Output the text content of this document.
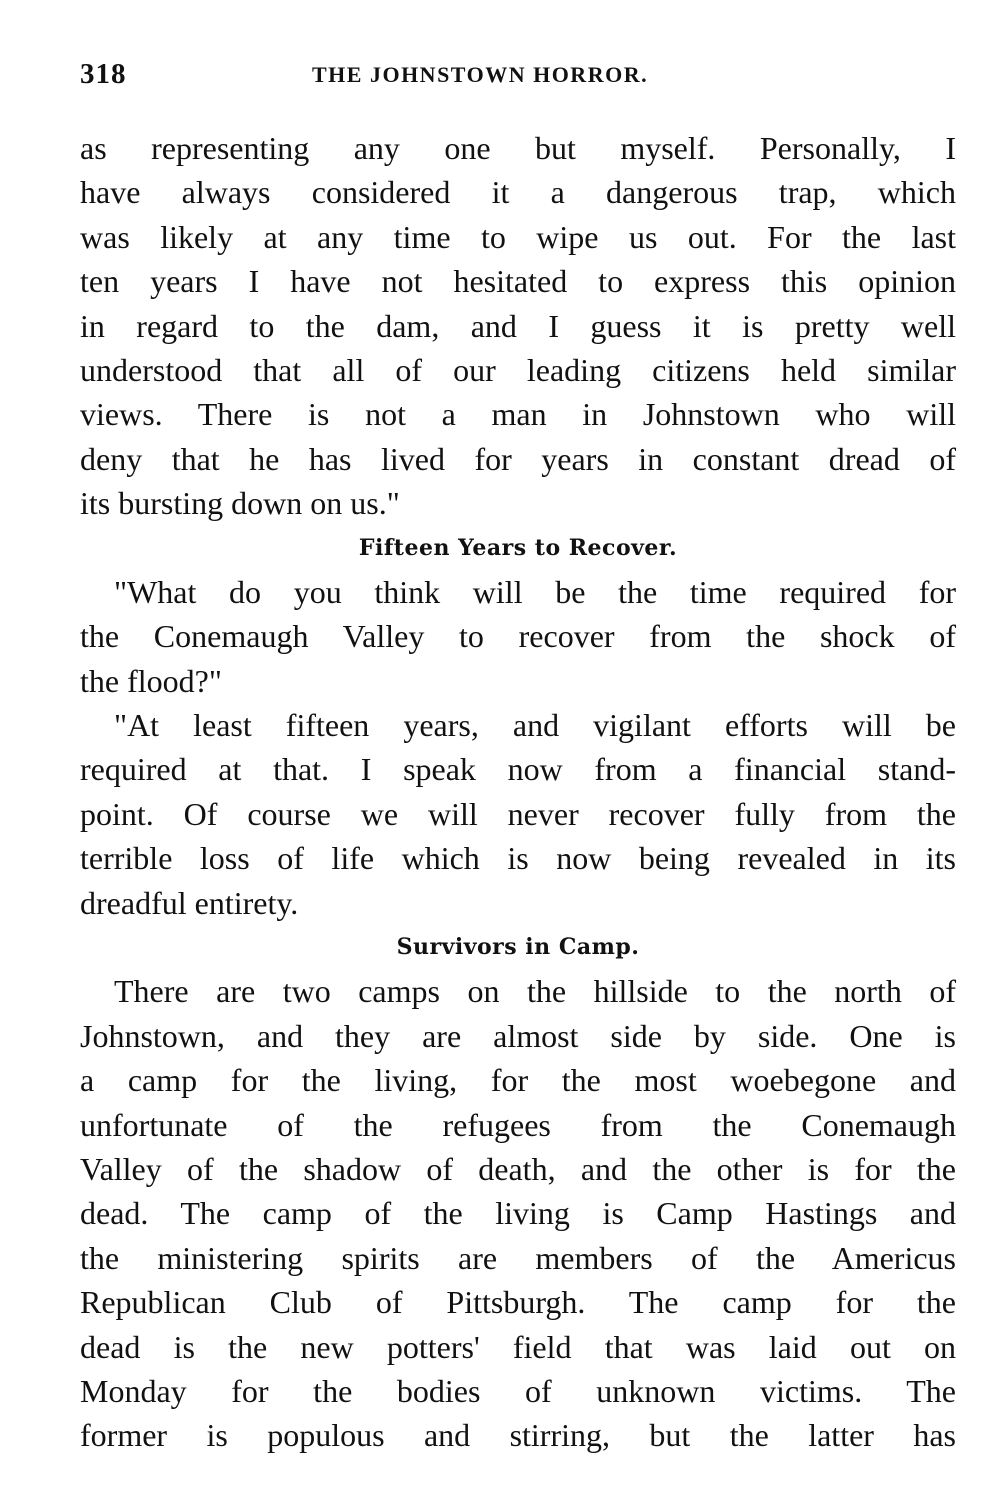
318	THE JOHNSTOWN HORROR.
as representing any one but myself. Personally, I
have always considered it a dangerous trap, which
was likely at any time to wipe us out. For the last
ten years I have not hesitated to express this opinion
in regard to the dam, and I guess it is pretty well
understood that all of our leading citizens held similar
views. There is not a man in Johnstown who will
deny that he has lived for years in constant dread of
its bursting down on us."
Fifteen Years to Recover.
"What do you think will be the time required for
the Conemaugh Valley to recover from the shock of
the flood?"
"At least fifteen years, and vigilant efforts will be
required at that. I speak now from a financial stand-
point. Of course we will never recover fully from the
terrible loss of life which is now being revealed in its
dreadful entirety.
Survivors in Camp.
There are two camps on the hillside to the north of
Johnstown, and they are almost side by side. One is
a camp for the living, for the most woebegone and
unfortunate of the refugees from the Conemaugh
Valley of the shadow of death, and the other is for the
dead. The camp of the living is Camp Hastings and
the ministering spirits are members of the Americus
Republican Club of Pittsburgh. The camp for the
dead is the new potters' field that was laid out on
Monday for the bodies of unknown victims. The
former is populous and stirring, but the latter has
